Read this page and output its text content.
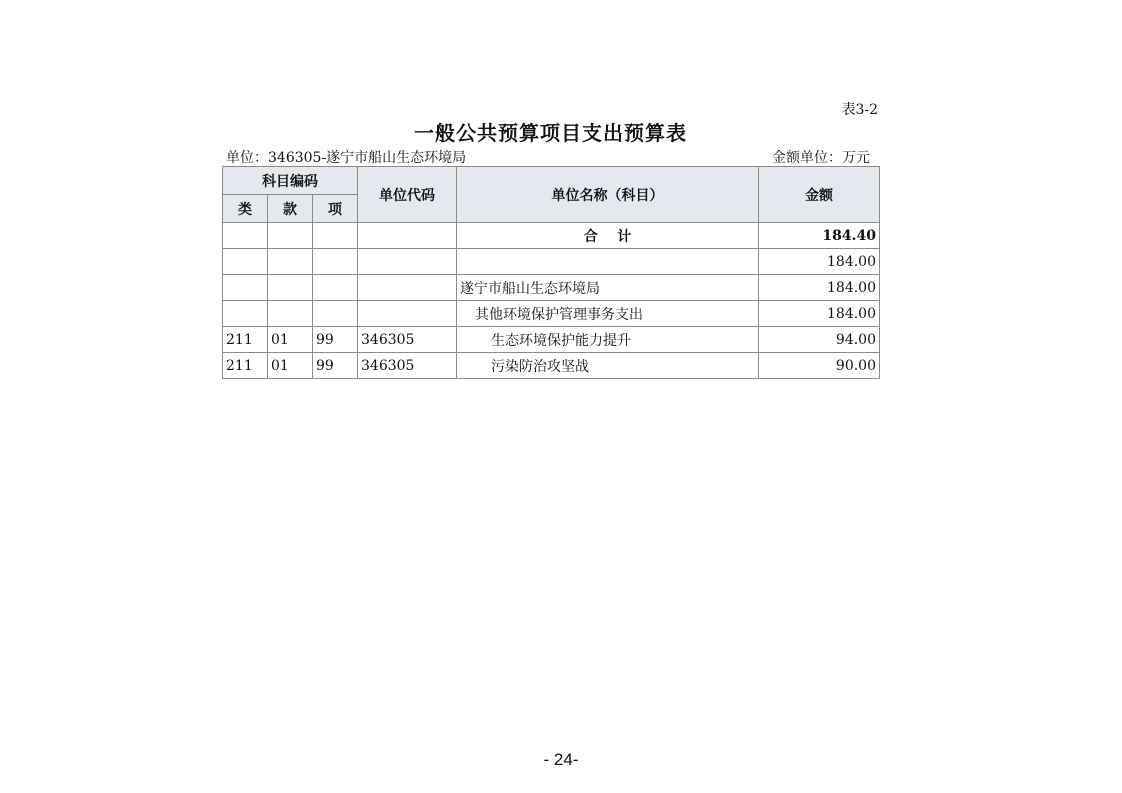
表3-2
一般公共预算项目支出预算表
单位：346305-遂宁市船山生态环境局	金额单位：万元
科目编码			单位代码	单位名称（科目）	金额
类	款	项			
				合    计	184.40
					184.00
				遂宁市船山生态环境局	184.00
				其他环境保护管理事务支出	184.00
211	01	99	346305	生态环境保护能力提升	94.00
211	01	99	346305	污染防治攻坚战	90.00
- 24-
